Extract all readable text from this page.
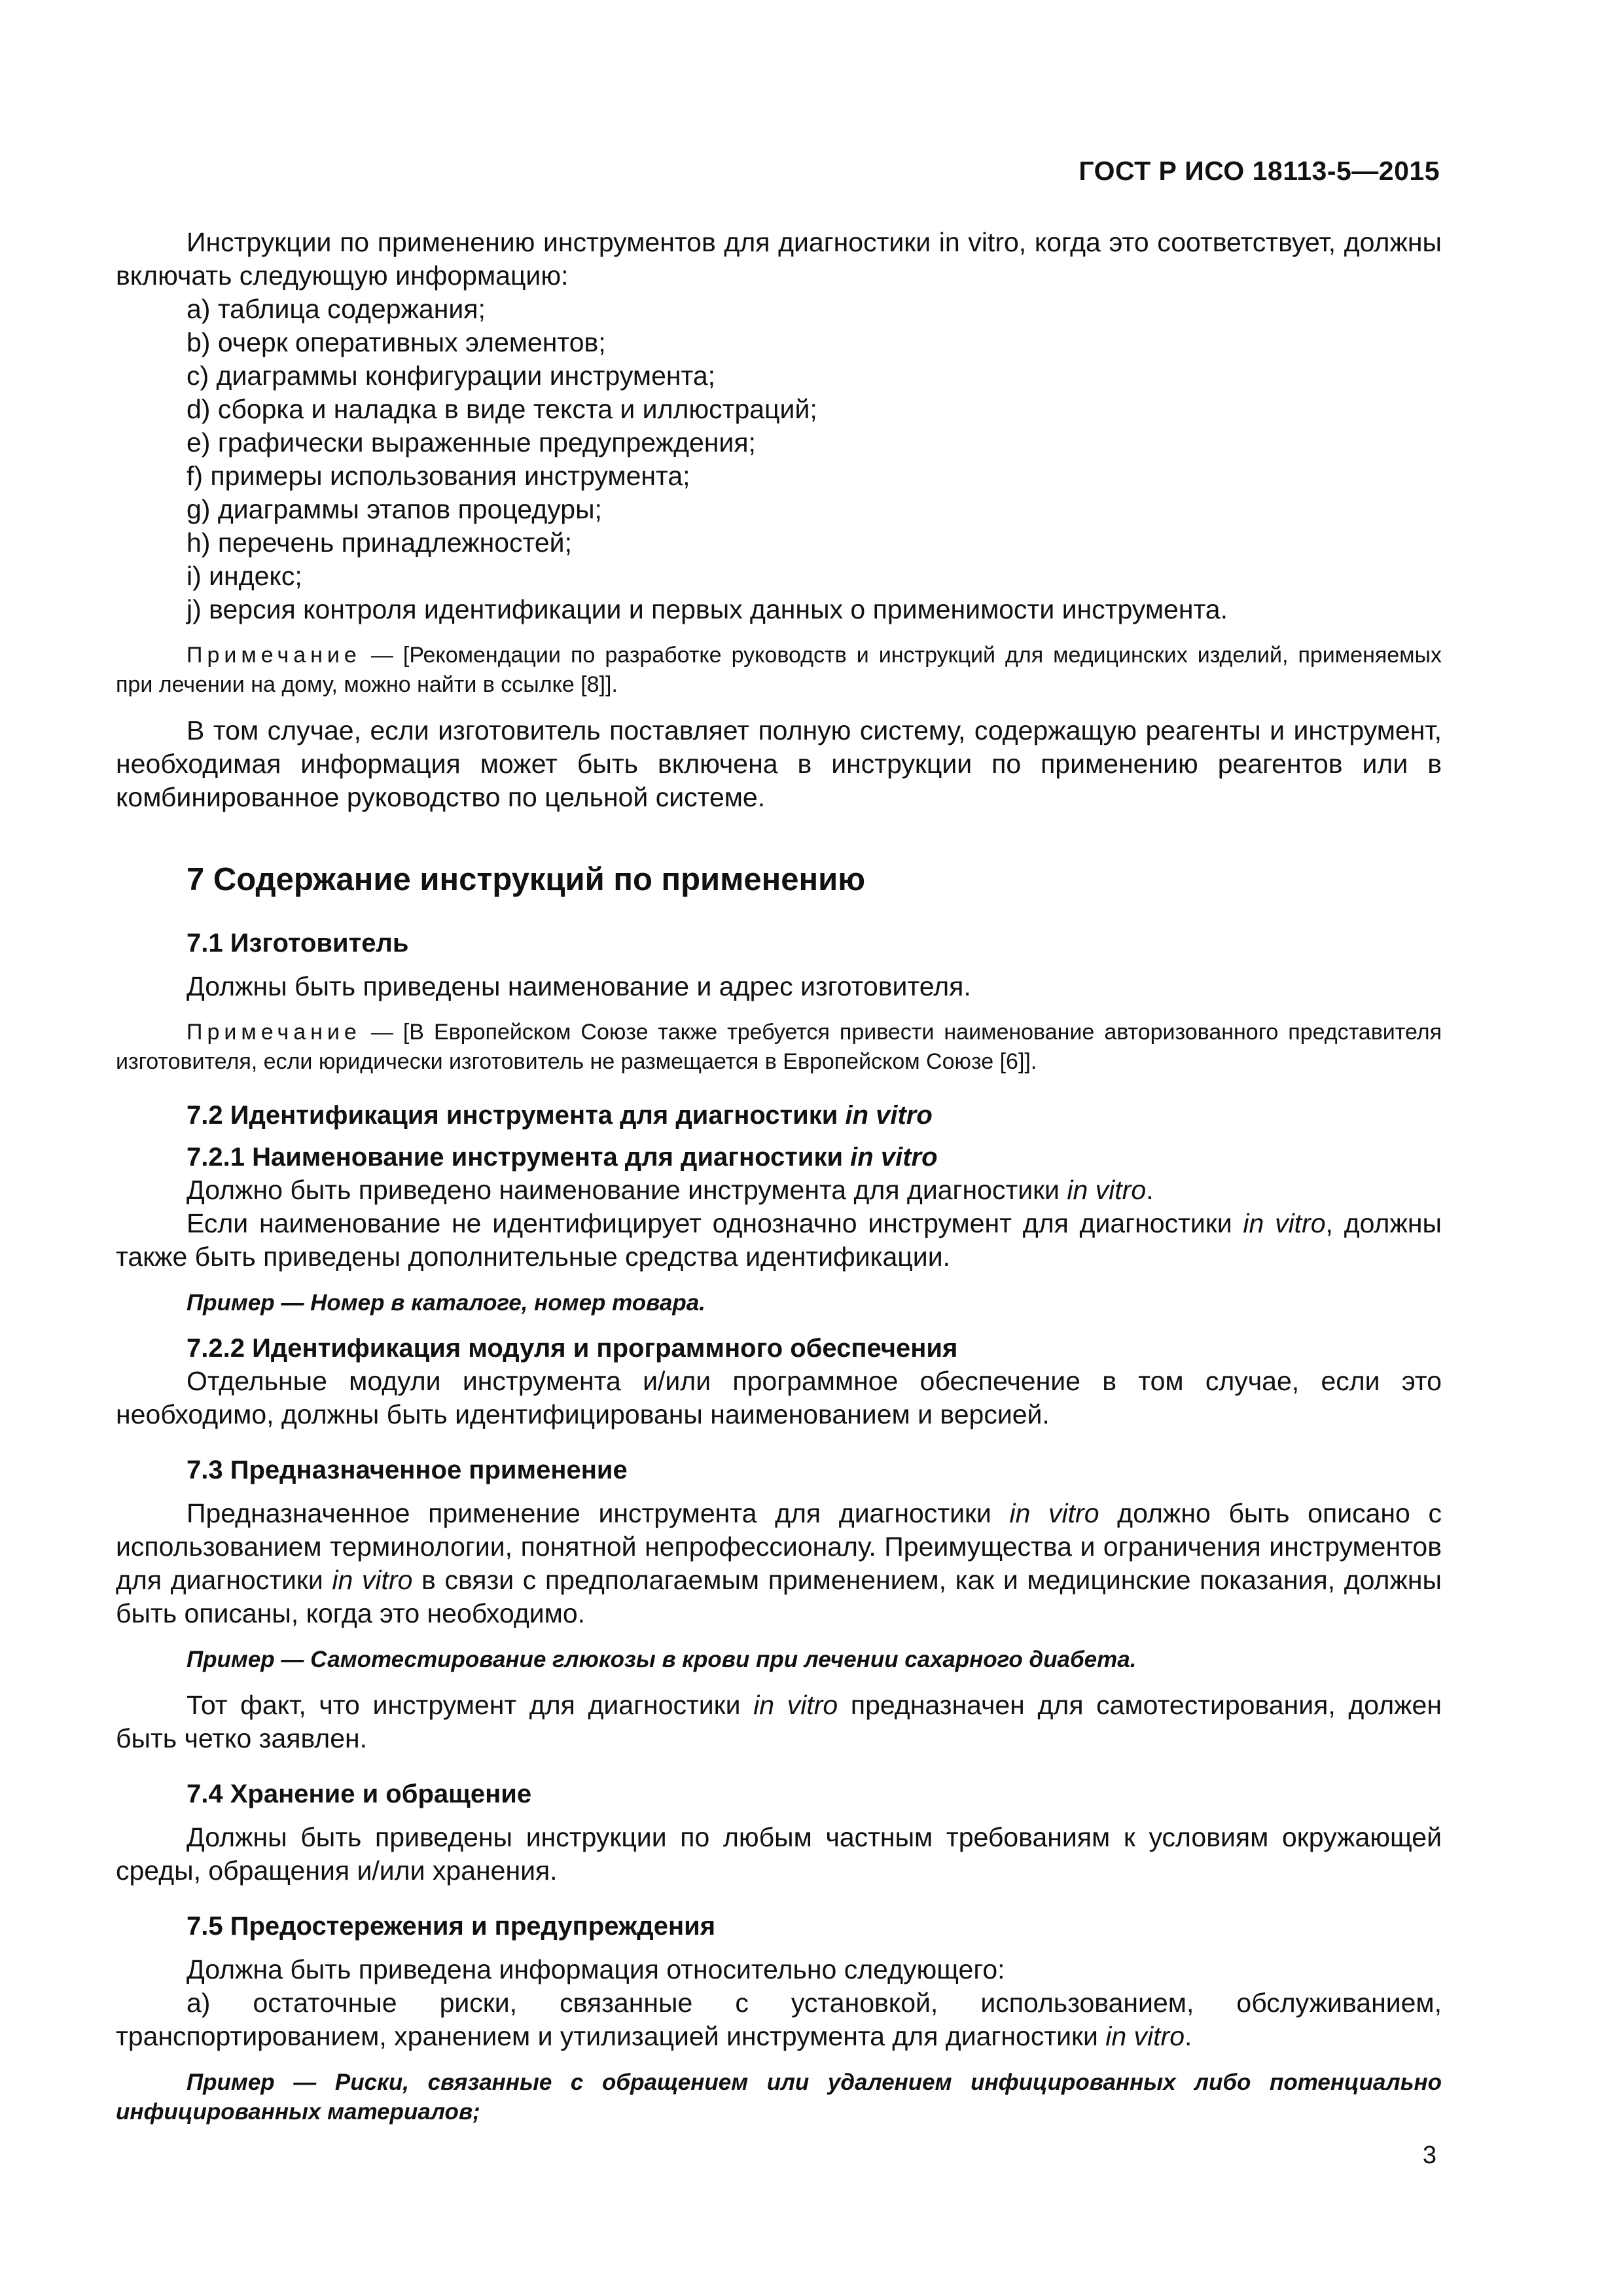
ГОСТ Р ИСО 18113-5—2015

Инструкции по применению инструментов для диагностики in vitro, когда это соответствует, должны включать следующую информацию:

а) таблица содержания;
b) очерк оперативных элементов;
c) диаграммы конфигурации инструмента;
d) сборка и наладка в виде текста и иллюстраций;
e) графически выраженные предупреждения;
f) примеры использования инструмента;
g) диаграммы этапов процедуры;
h) перечень принадлежностей;
i) индекс;
j) версия контроля идентификации и первых данных о применимости инструмента.

Примечание — [Рекомендации по разработке руководств и инструкций для медицинских изделий, применяемых при лечении на дому, можно найти в ссылке [8]].

В том случае, если изготовитель поставляет полную систему, содержащую реагенты и инструмент, необходимая информация может быть включена в инструкции по применению реагентов или в комбинированное руководство по цельной системе.

7 Содержание инструкций по применению
7.1 Изготовитель

Должны быть приведены наименование и адрес изготовителя.

Примечание — [В Европейском Союзе также требуется привести наименование авторизованного представителя изготовителя, если юридически изготовитель не размещается в Европейском Союзе [6]].

7.2 Идентификация инструмента для диагностики in vitro
7.2.1 Наименование инструмента для диагностики in vitro

Должно быть приведено наименование инструмента для диагностики in vitro.

Если наименование не идентифицирует однозначно инструмент для диагностики in vitro, должны также быть приведены дополнительные средства идентификации.

Пример — Номер в каталоге, номер товара.

7.2.2 Идентификация модуля и программного обеспечения

Отдельные модули инструмента и/или программное обеспечение в том случае, если это необходимо, должны быть идентифицированы наименованием и версией.

7.3 Предназначенное применение

Предназначенное применение инструмента для диагностики in vitro должно быть описано с использованием терминологии, понятной непрофессионалу. Преимущества и ограничения инструментов для диагностики in vitro в связи с предполагаемым применением, как и медицинские показания, должны быть описаны, когда это необходимо.

Пример — Самотестирование глюкозы в крови при лечении сахарного диабета.

Тот факт, что инструмент для диагностики in vitro предназначен для самотестирования, должен быть четко заявлен.

7.4 Хранение и обращение

Должны быть приведены инструкции по любым частным требованиям к условиям окружающей среды, обращения и/или хранения.

7.5 Предостережения и предупреждения

Должна быть приведена информация относительно следующего:

а) остаточные риски, связанные с установкой, использованием, обслуживанием, транспортированием, хранением и утилизацией инструмента для диагностики in vitro.

Пример — Риски, связанные с обращением или удалением инфицированных либо потенциально инфицированных материалов;

3
